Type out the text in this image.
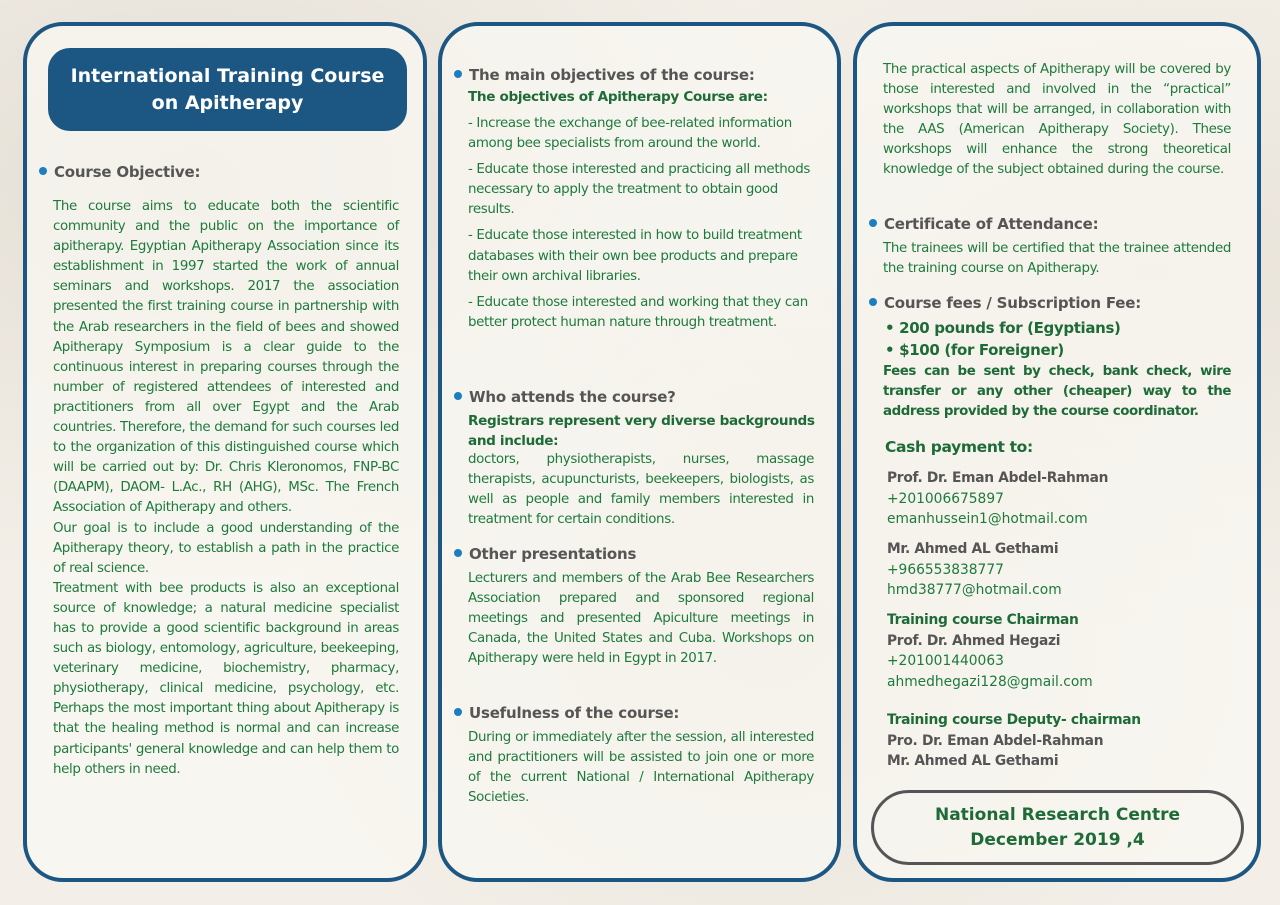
International Training Course
on Apitherapy
Course Objective:

The course aims to educate both the scientific community and the public on the importance of apitherapy. Egyptian Apitherapy Association since its establishment in 1997 started the work of annual seminars and workshops. 2017 the association presented the first training course in partnership with the Arab researchers in the field of bees and showed Apitherapy Symposium is a clear guide to the continuous interest in preparing courses through the number of registered attendees of interested and practitioners from all over Egypt and the Arab countries. Therefore, the demand for such courses led to the organization of this distinguished course which will be carried out by: Dr. Chris Kleronomos, FNP-BC (DAAPM), DAOM- L.Ac., RH (AHG), MSc. The French Association of Apitherapy and others.

Our goal is to include a good understanding of the Apitherapy theory, to establish a path in the practice of real science.

Treatment with bee products is also an exceptional source of knowledge; a natural medicine specialist has to provide a good scientific background in areas such as biology, entomology, agriculture, beekeeping, veterinary medicine, biochemistry, pharmacy, physiotherapy, clinical medicine, psychology, etc. Perhaps the most important thing about Apitherapy is that the healing method is normal and can increase participants' general knowledge and can help them to help others in need.

The main objectives of the course:
The objectives of Apitherapy Course are:

- Increase the exchange of bee-related information among bee specialists from around the world.

- Educate those interested and practicing all methods necessary to apply the treatment to obtain good results.

- Educate those interested in how to build treatment databases with their own bee products and prepare their own archival libraries.

- Educate those interested and working that they can better protect human nature through treatment.

Who attends the course?
Registrars represent very diverse backgrounds and include:
doctors, physiotherapists, nurses, massage therapists, acupuncturists, beekeepers, biologists, as well as people and family members interested in treatment for certain conditions.
Other presentations
Lecturers and members of the Arab Bee Researchers Association prepared and sponsored regional meetings and presented Apiculture meetings in Canada, the United States and Cuba. Workshops on Apitherapy were held in Egypt in 2017.
Usefulness of the course:
During or immediately after the session, all interested and practitioners will be assisted to join one or more of the current National / International Apitherapy Societies.
The practical aspects of Apitherapy will be covered by those interested and involved in the “practical” workshops that will be arranged, in collaboration with the AAS (American Apitherapy Society). These workshops will enhance the strong theoretical knowledge of the subject obtained during the course.
Certificate of Attendance:
The trainees will be certified that the trainee attended the training course on Apitherapy.
Course fees / Subscription Fee:
• 200 pounds for (Egyptians)
• $100 (for Foreigner)
Fees can be sent by check, bank check, wire transfer or any other (cheaper) way to the address provided by the course coordinator.
Cash payment to:
Prof. Dr. Eman Abdel-Rahman
+201006675897
emanhussein1@hotmail.com
Mr. Ahmed AL Gethami
+966553838777
hmd38777@hotmail.com
Training course Chairman
Prof. Dr. Ahmed Hegazi
+201001440063
ahmedhegazi128@gmail.com
Training course Deputy- chairman
Pro. Dr. Eman Abdel-Rahman
Mr. Ahmed AL Gethami
National Research Centre
December 2019 ,4
